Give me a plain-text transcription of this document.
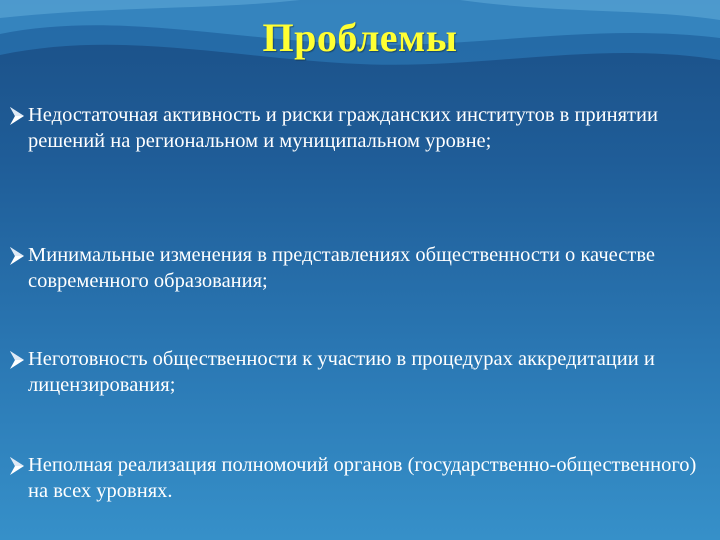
Проблемы
Недостаточная активность и риски гражданских институтов в принятии решений на региональном и муниципальном уровне;
Минимальные изменения в представлениях общественности о качестве современного образования;
Неготовность общественности к участию в процедурах аккредитации и лицензирования;
Неполная реализация полномочий органов (государственно-общественного) на всех уровнях.
